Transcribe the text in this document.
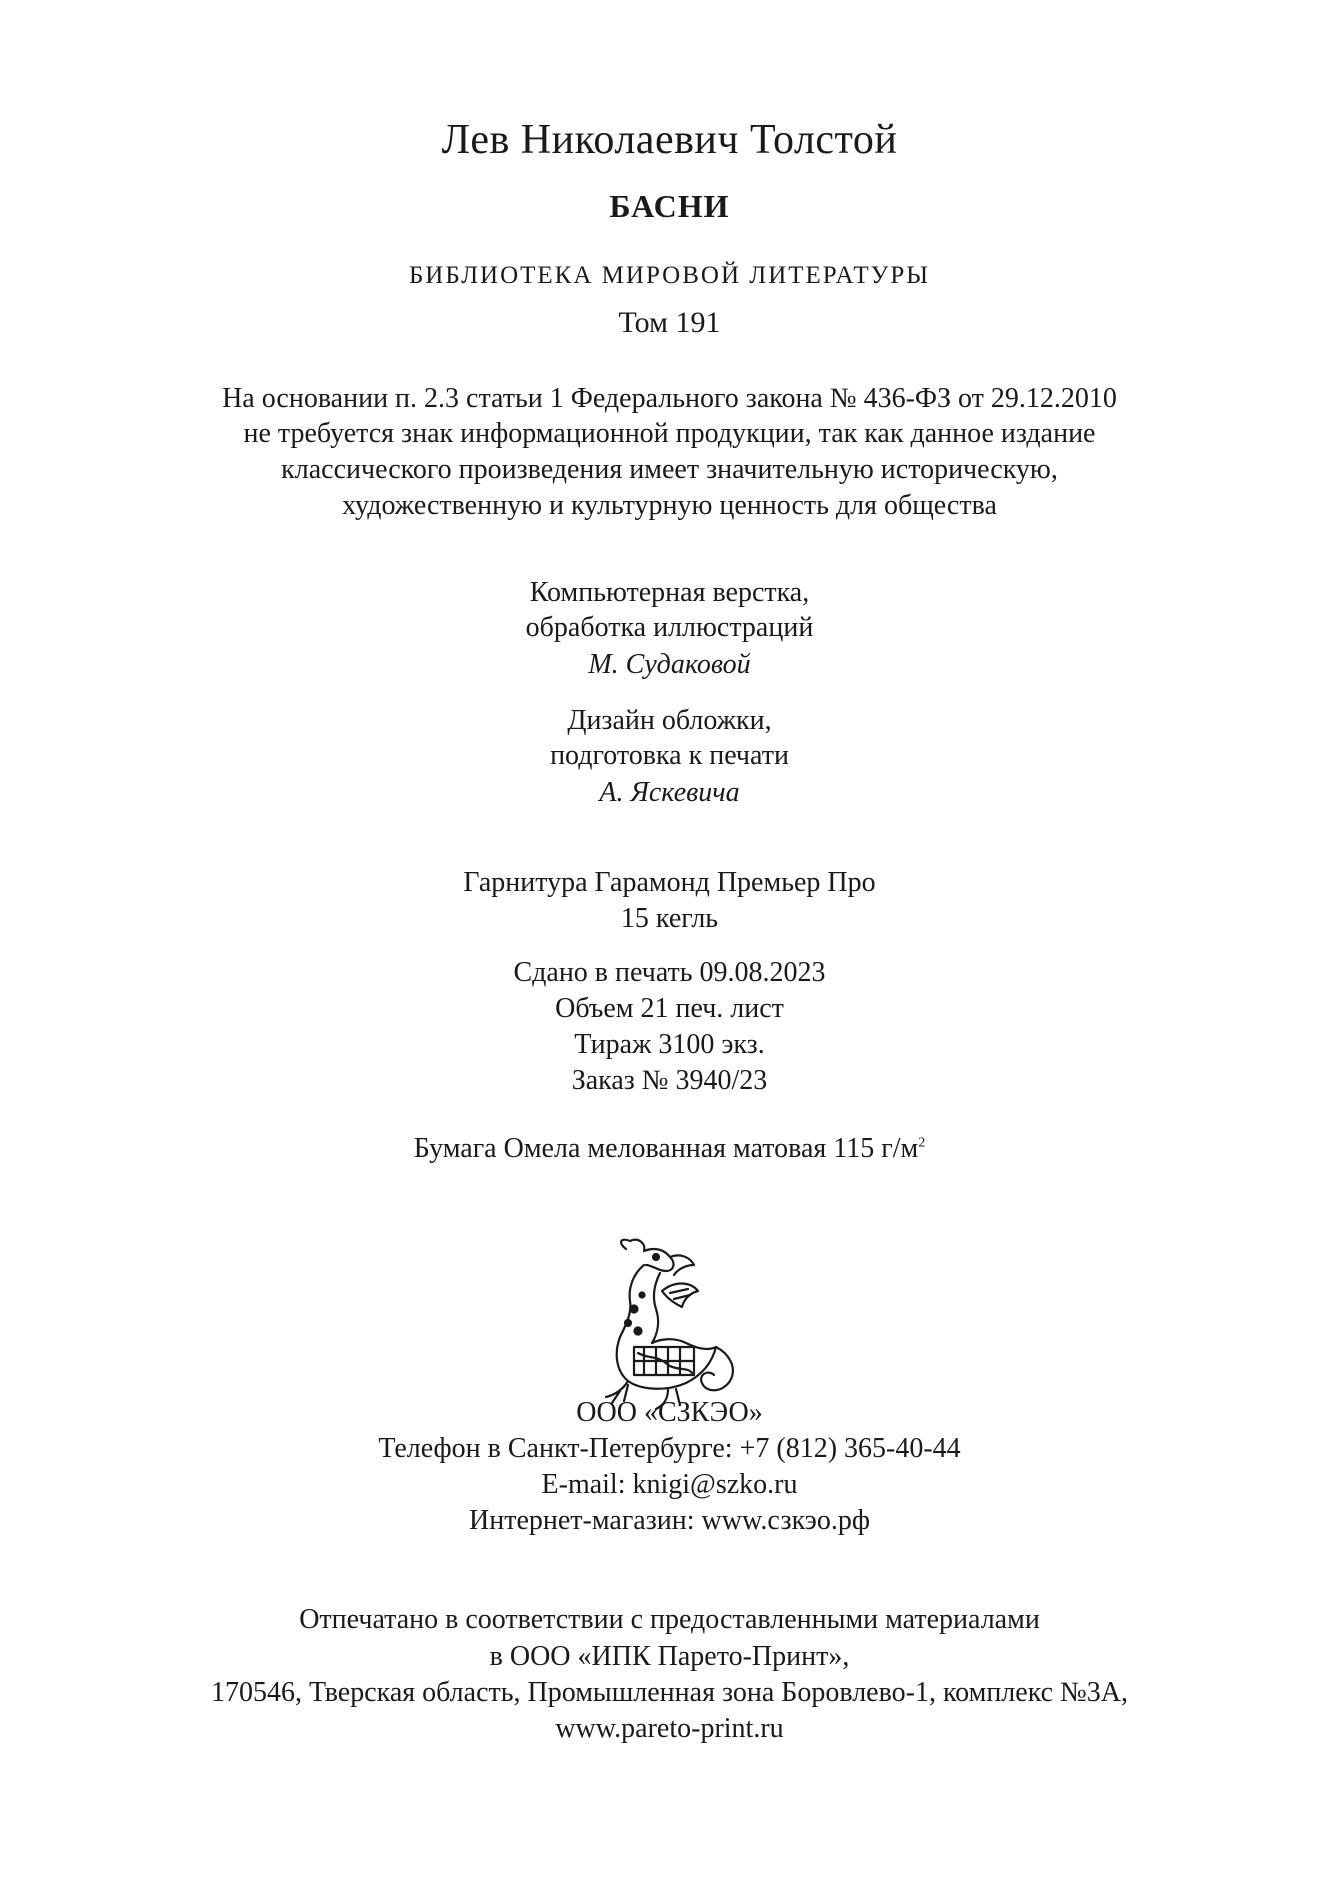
Лев Николаевич Толстой
БАСНИ
БИБЛИОТЕКА МИРОВОЙ ЛИТЕРАТУРЫ
Том 191
На основании п. 2.3 статьи 1 Федерального закона № 436-ФЗ от 29.12.2010
не требуется знак информационной продукции, так как данное издание
классического произведения имеет значительную историческую,
художественную и культурную ценность для общества
Компьютерная верстка,
обработка иллюстраций
М. Судаковой
Дизайн обложки,
подготовка к печати
А. Яскевича
Гарнитура Гарамонд Премьер Про
15 кегль
Сдано в печать 09.08.2023
Объем 21 печ. лист
Тираж 3100 экз.
Заказ № 3940/23
Бумага Омела мелованная матовая 115 $г/м^2$
ООО «СЗКЭО»
Телефон в Санкт-Петербурге: +7 (812) 365-40-44
E-mail: knigi@szko.ru
Интернет-магазин: www.сзкэо.рф
Отпечатано в соответствии с предоставленными материалами
в ООО «ИПК Парето-Принт»,
170546, Тверская область, Промышленная зона Боровлево-1, комплекс №3А,
www.pareto-print.ru
